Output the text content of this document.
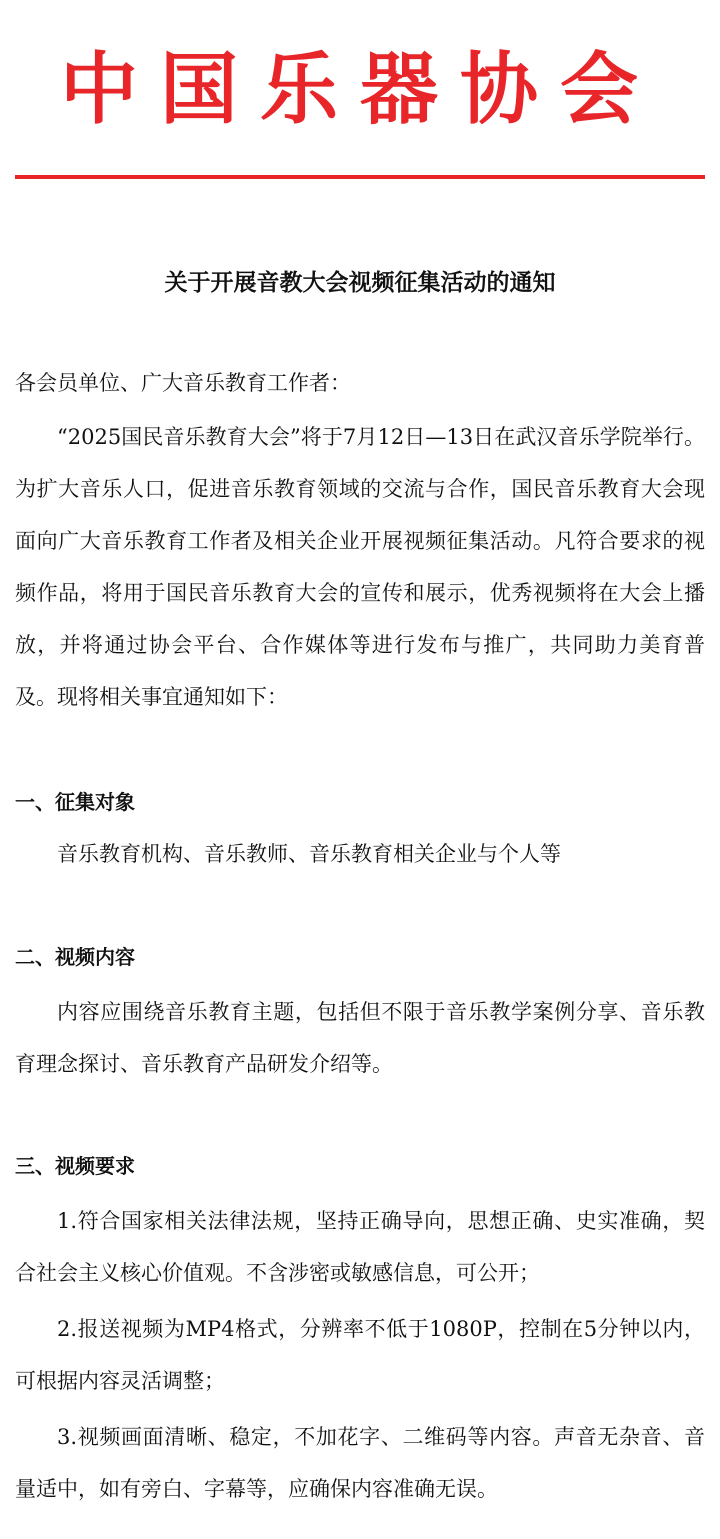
中国乐器协会
关于开展音教大会视频征集活动的通知

各会员单位、广大音乐教育工作者：

“2025国民音乐教育大会”将于7月12日—13日在武汉音乐学院举行。为扩大音乐人口，促进音乐教育领域的交流与合作，国民音乐教育大会现面向广大音乐教育工作者及相关企业开展视频征集活动。凡符合要求的视频作品，将用于国民音乐教育大会的宣传和展示，优秀视频将在大会上播放，并将通过协会平台、合作媒体等进行发布与推广，共同助力美育普及。现将相关事宜通知如下：

一、征集对象

音乐教育机构、音乐教师、音乐教育相关企业与个人等

二、视频内容

内容应围绕音乐教育主题，包括但不限于音乐教学案例分享、音乐教育理念探讨、音乐教育产品研发介绍等。

三、视频要求

1.符合国家相关法律法规，坚持正确导向，思想正确、史实准确，契合社会主义核心价值观。不含涉密或敏感信息，可公开；

2.报送视频为MP4格式，分辨率不低于1080P，控制在5分钟以内，可根据内容灵活调整；

3.视频画面清晰、稳定，不加花字、二维码等内容。声音无杂音、音量适中，如有旁白、字幕等，应确保内容准确无误。
